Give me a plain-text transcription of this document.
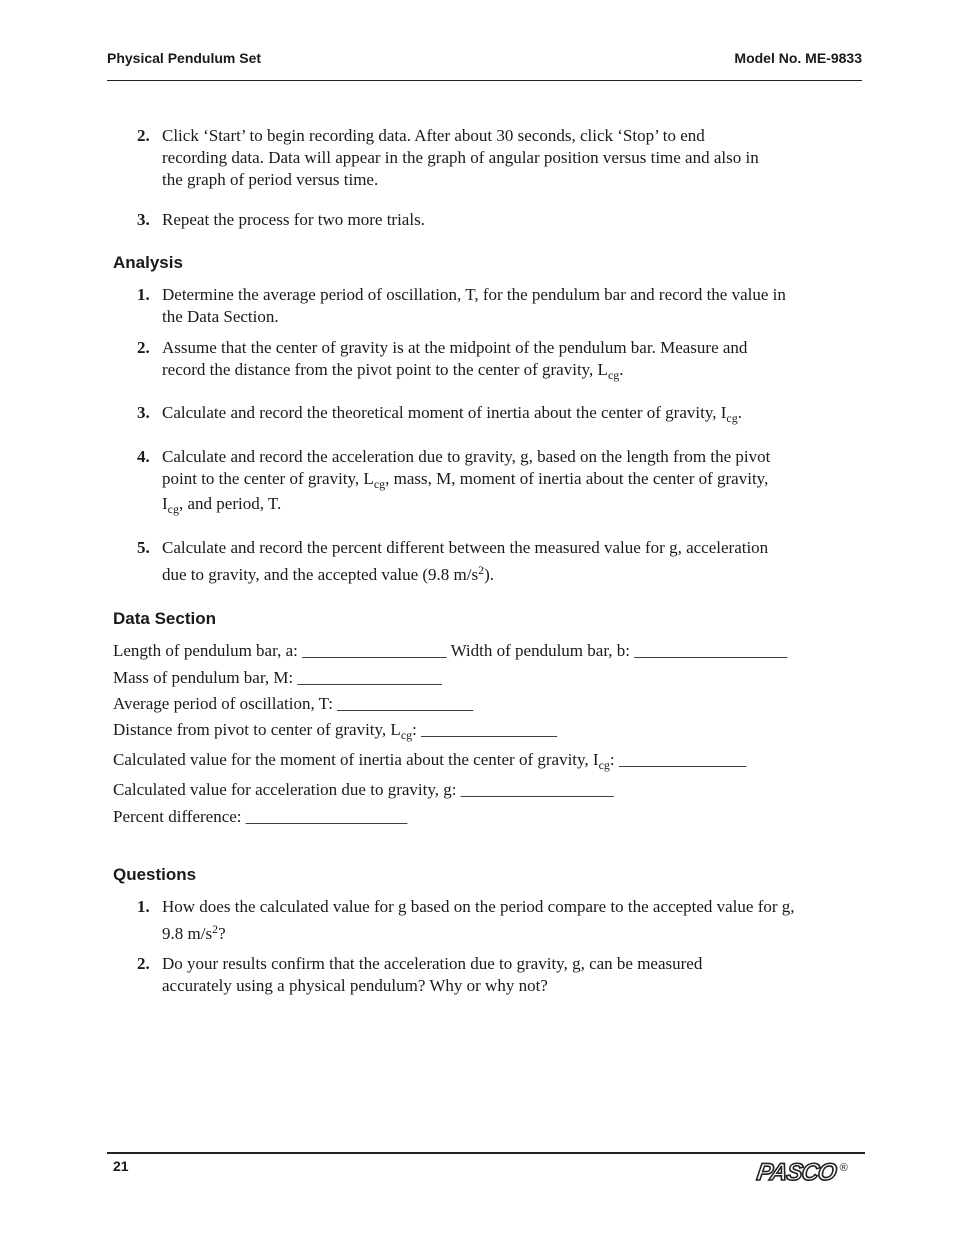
Physical Pendulum Set	Model No. ME-9833
2. Click ‘Start’ to begin recording data. After about 30 seconds, click ‘Stop’ to end
recording data. Data will appear in the graph of angular position versus time and also in
the graph of period versus time.
3. Repeat the process for two more trials.
Analysis
1. Determine the average period of oscillation, T, for the pendulum bar and record the value in
the Data Section.
2. Assume that the center of gravity is at the midpoint of the pendulum bar. Measure and
record the distance from the pivot point to the center of gravity, $L_{cg}$.
3. Calculate and record the theoretical moment of inertia about the center of gravity, $I_{cg}$.
4. Calculate and record the acceleration due to gravity, g, based on the length from the pivot
point to the center of gravity, $L_{cg}$, mass, M, moment of inertia about the center of gravity,
$I_{cg}$, and period, T.
5. Calculate and record the percent different between the measured value for g, acceleration
due to gravity, and the accepted value (9.8 $m/s^2$).
Data Section
Length of pendulum bar, a: _________________ Width of pendulum bar, b: __________________
Mass of pendulum bar, M: _________________
Average period of oscillation, T: ________________
Distance from pivot to center of gravity, $L_{cg}$: ________________
Calculated value for the moment of inertia about the center of gravity, $I_{cg}$: _______________
Calculated value for acceleration due to gravity, g: __________________
Percent difference: ___________________
Questions
1. How does the calculated value for g based on the period compare to the accepted value for g,
9.8 $m/s^2$?
2. Do your results confirm that the acceleration due to gravity, g, can be measured
accurately using a physical pendulum? Why or why not?
21	PASCO ®
